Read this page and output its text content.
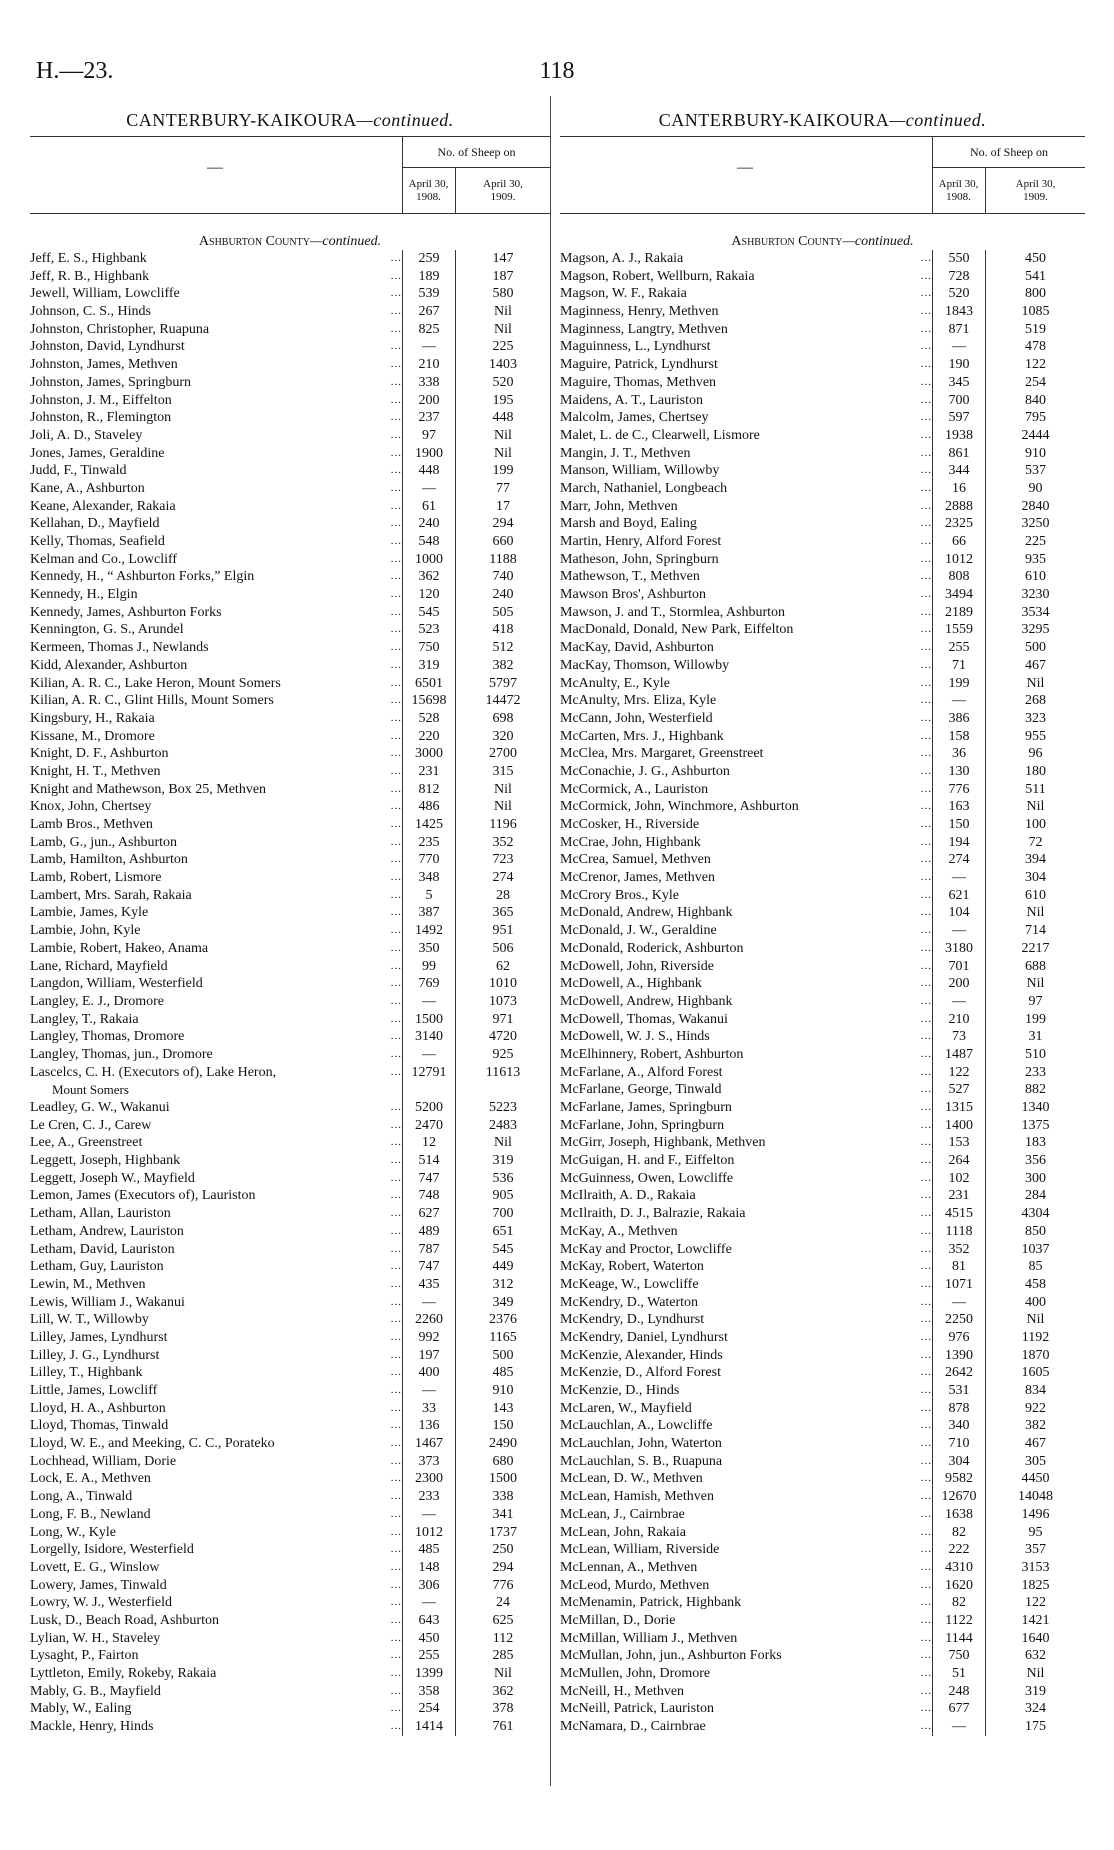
H.—23.	118
CANTERBURY-KAIKOURA—continued.
—
No. of Sheep on
April 30,
1908.
April 30,
1909.
Ashburton County—continued.
Jeff, E. S., Highbank	...	259	147
Jeff, R. B., Highbank	...	189	187
Jewell, William, Lowcliffe	...	539	580
Johnson, C. S., Hinds	...	267	Nil
Johnston, Christopher, Ruapuna	...	825	Nil
Johnston, David, Lyndhurst	...	—	225
Johnston, James, Methven	...	210	1403
Johnston, James, Springburn	...	338	520
Johnston, J. M., Eiffelton	...	200	195
Johnston, R., Flemington	...	237	448
Joli, A. D., Staveley	...	97	Nil
Jones, James, Geraldine	... 1900	Nil
Judd, F., Tinwald	...	448	199
Kane, A., Ashburton	...	—	77
Keane, Alexander, Rakaia	...	61	17
Kellahan, D., Mayfield	...	240	294
Kelly, Thomas, Seafield	...	548	660
Kelman and Co., Lowcliff	... 1000	1188
Kennedy, H., “ Ashburton Forks,” Elgin	...	362	740
Kennedy, H., Elgin	...	120	240
Kennedy, James, Ashburton Forks	...	545	505
Kennington, G. S., Arundel	...	523	418
Kermeen, Thomas J., Newlands	...	750	512
Kidd, Alexander, Ashburton	...	319	382
Kilian, A. R. C., Lake Heron, Mount Somers	... 6501	5797
Kilian, A. R. C., Glint Hills, Mount Somers	... 15698	14472
Kingsbury, H., Rakaia	...	528	698
Kissane, M., Dromore	...	220	320
Knight, D. F., Ashburton	... 3000	2700
Knight, H. T., Methven	...	231	315
Knight and Mathewson, Box 25, Methven	...	812	Nil
Knox, John, Chertsey	...	486	Nil
Lamb Bros., Methven	... 1425	1196
Lamb, G., jun., Ashburton	...	235	352
Lamb, Hamilton, Ashburton	...	770	723
Lamb, Robert, Lismore	...	348	274
Lambert, Mrs. Sarah, Rakaia	...	5	28
Lambie, James, Kyle	...	387	365
Lambie, John, Kyle	... 1492	951
Lambie, Robert, Hakeo, Anama	...	350	506
Lane, Richard, Mayfield	...	99	62
Langdon, William, Westerfield	...	769	1010
Langley, E. J., Dromore	...	—	1073
Langley, T., Rakaia	... 1500	971
Langley, Thomas, Dromore	... 3140	4720
Langley, Thomas, jun., Dromore	...	—	925
Lascelcs, C. H. (Executors of), Lake Heron,	... 12791	11613
Mount Somers
Leadley, G. W., Wakanui	... 5200	5223
Le Cren, C. J., Carew	... 2470	2483
Lee, A., Greenstreet	...	12	Nil
Leggett, Joseph, Highbank	...	514	319
Leggett, Joseph W., Mayfield	...	747	536
Lemon, James (Executors of), Lauriston	...	748	905
Letham, Allan, Lauriston	...	627	700
Letham, Andrew, Lauriston	...	489	651
Letham, David, Lauriston	...	787	545
Letham, Guy, Lauriston	...	747	449
Lewin, M., Methven	...	435	312
Lewis, William J., Wakanui	...	—	349
Lill, W. T., Willowby	... 2260	2376
Lilley, James, Lyndhurst	...	992	1165
Lilley, J. G., Lyndhurst	...	197	500
Lilley, T., Highbank	...	400	485
Little, James, Lowcliff	...	—	910
Lloyd, H. A., Ashburton	...	33	143
Lloyd, Thomas, Tinwald	...	136	150
Lloyd, W. E., and Meeking, C. C., Porateko	... 1467	2490
Lochhead, William, Dorie	...	373	680
Lock, E. A., Methven	... 2300	1500
Long, A., Tinwald	...	233	338
Long, F. B., Newland	...	—	341
Long, W., Kyle	... 1012	1737
Lorgelly, Isidore, Westerfield	...	485	250
Lovett, E. G., Winslow	...	148	294
Lowery, James, Tinwald	...	306	776
Lowry, W. J., Westerfield	...	—	24
Lusk, D., Beach Road, Ashburton	...	643	625
Lylian, W. H., Staveley	...	450	112
Lysaght, P., Fairton	...	255	285
Lyttleton, Emily, Rokeby, Rakaia	... 1399	Nil
Mably, G. B., Mayfield	...	358	362
Mably, W., Ealing	...	254	378
Mackle, Henry, Hinds	... 1414	761
CANTERBURY-KAIKOURA—continued.
—
No. of Sheep on
April 30,
1908.
April 30,
1909.
Ashburton County—continued.
Magson, A. J., Rakaia	...	550	450
Magson, Robert, Wellburn, Rakaia	...	728	541
Magson, W. F., Rakaia	...	520	800
Maginness, Henry, Methven	... 1843	1085
Maginness, Langtry, Methven	...	871	519
Maguinness, L., Lyndhurst	...	—	478
Maguire, Patrick, Lyndhurst	...	190	122
Maguire, Thomas, Methven	...	345	254
Maidens, A. T., Lauriston	...	700	840
Malcolm, James, Chertsey	...	597	795
Malet, L. de C., Clearwell, Lismore	... 1938	2444
Mangin, J. T., Methven	...	861	910
Manson, William, Willowby	...	344	537
March, Nathaniel, Longbeach	...	16	90
Marr, John, Methven	... 2888	2840
Marsh and Boyd, Ealing	... 2325	3250
Martin, Henry, Alford Forest	...	66	225
Matheson, John, Springburn	... 1012	935
Mathewson, T., Methven	...	808	610
Mawson Bros', Ashburton	... 3494	3230
Mawson, J. and T., Stormlea, Ashburton	... 2189	3534
MacDonald, Donald, New Park, Eiffelton	... 1559	3295
MacKay, David, Ashburton	...	255	500
MacKay, Thomson, Willowby	...	71	467
McAnulty, E., Kyle	...	199	Nil
McAnulty, Mrs. Eliza, Kyle	...	—	268
McCann, John, Westerfield	...	386	323
McCarten, Mrs. J., Highbank	...	158	955
McClea, Mrs. Margaret, Greenstreet	...	36	96
McConachie, J. G., Ashburton	...	130	180
McCormick, A., Lauriston	...	776	511
McCormick, John, Winchmore, Ashburton	...	163	Nil
McCosker, H., Riverside	...	150	100
McCrae, John, Highbank	...	194	72
McCrea, Samuel, Methven	...	274	394
McCrenor, James, Methven	...	—	304
McCrory Bros., Kyle	...	621	610
McDonald, Andrew, Highbank	...	104	Nil
McDonald, J. W., Geraldine	...	—	714
McDonald, Roderick, Ashburton	... 3180	2217
McDowell, John, Riverside	...	701	688
McDowell, A., Highbank	...	200	Nil
McDowell, Andrew, Highbank	...	—	97
McDowell, Thomas, Wakanui	...	210	199
McDowell, W. J. S., Hinds	...	73	31
McElhinnery, Robert, Ashburton	... 1487	510
McFarlane, A., Alford Forest	...	122	233
McFarlane, George, Tinwald	...	527	882
McFarlane, James, Springburn	... 1315	1340
McFarlane, John, Springburn	... 1400	1375
McGirr, Joseph, Highbank, Methven	...	153	183
McGuigan, H. and F., Eiffelton	...	264	356
McGuinness, Owen, Lowcliffe	...	102	300
McIlraith, A. D., Rakaia	...	231	284
McIlraith, D. J., Balrazie, Rakaia	... 4515	4304
McKay, A., Methven	... 1118	850
McKay and Proctor, Lowcliffe	...	352	1037
McKay, Robert, Waterton	...	81	85
McKeage, W., Lowcliffe	... 1071	458
McKendry, D., Waterton	...	—	400
McKendry, D., Lyndhurst	... 2250	Nil
McKendry, Daniel, Lyndhurst	...	976	1192
McKenzie, Alexander, Hinds	... 1390	1870
McKenzie, D., Alford Forest	... 2642	1605
McKenzie, D., Hinds	...	531	834
McLaren, W., Mayfield	...	878	922
McLauchlan, A., Lowcliffe	...	340	382
McLauchlan, John, Waterton	...	710	467
McLauchlan, S. B., Ruapuna	...	304	305
McLean, D. W., Methven	... 9582	4450
McLean, Hamish, Methven	... 12670	14048
McLean, J., Cairnbrae	... 1638	1496
McLean, John, Rakaia	...	82	95
McLean, William, Riverside	...	222	357
McLennan, A., Methven	... 4310	3153
McLeod, Murdo, Methven	... 1620	1825
McMenamin, Patrick, Highbank	...	82	122
McMillan, D., Dorie	... 1122	1421
McMillan, William J., Methven	... 1144	1640
McMullan, John, jun., Ashburton Forks	...	750	632
McMullen, John, Dromore	...	51	Nil
McNeill, H., Methven	...	248	319
McNeill, Patrick, Lauriston	...	677	324
McNamara, D., Cairnbrae	...	—	175
